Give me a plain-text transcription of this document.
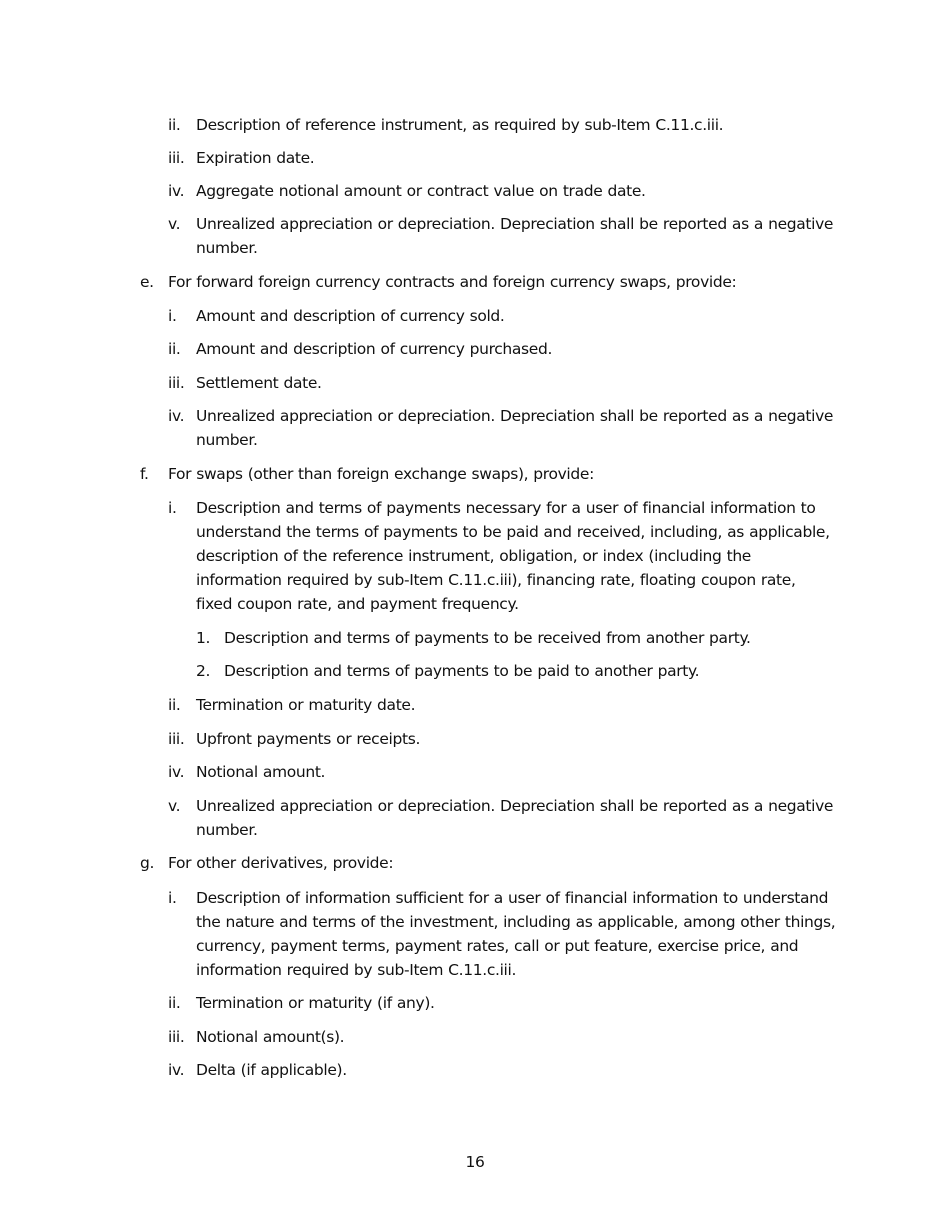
ii. Description of reference instrument, as required by sub-Item C.11.c.iii.
iii. Expiration date.
iv. Aggregate notional amount or contract value on trade date.
v. Unrealized appreciation or depreciation. Depreciation shall be reported as a negative
number.
e. For forward foreign currency contracts and foreign currency swaps, provide:
i. Amount and description of currency sold.
ii. Amount and description of currency purchased.
iii. Settlement date.
iv. Unrealized appreciation or depreciation. Depreciation shall be reported as a negative
number.
f. For swaps (other than foreign exchange swaps), provide:
i. Description and terms of payments necessary for a user of financial information to
understand the terms of payments to be paid and received, including, as applicable,
description of the reference instrument, obligation, or index (including the
information required by sub-Item C.11.c.iii), financing rate, floating coupon rate,
fixed coupon rate, and payment frequency.
1. Description and terms of payments to be received from another party.
2. Description and terms of payments to be paid to another party.
ii. Termination or maturity date.
iii. Upfront payments or receipts.
iv. Notional amount.
v. Unrealized appreciation or depreciation. Depreciation shall be reported as a negative
number.
g. For other derivatives, provide:
i. Description of information sufficient for a user of financial information to understand
the nature and terms of the investment, including as applicable, among other things,
currency, payment terms, payment rates, call or put feature, exercise price, and
information required by sub-Item C.11.c.iii.
ii. Termination or maturity (if any).
iii. Notional amount(s).
iv. Delta (if applicable).
16
